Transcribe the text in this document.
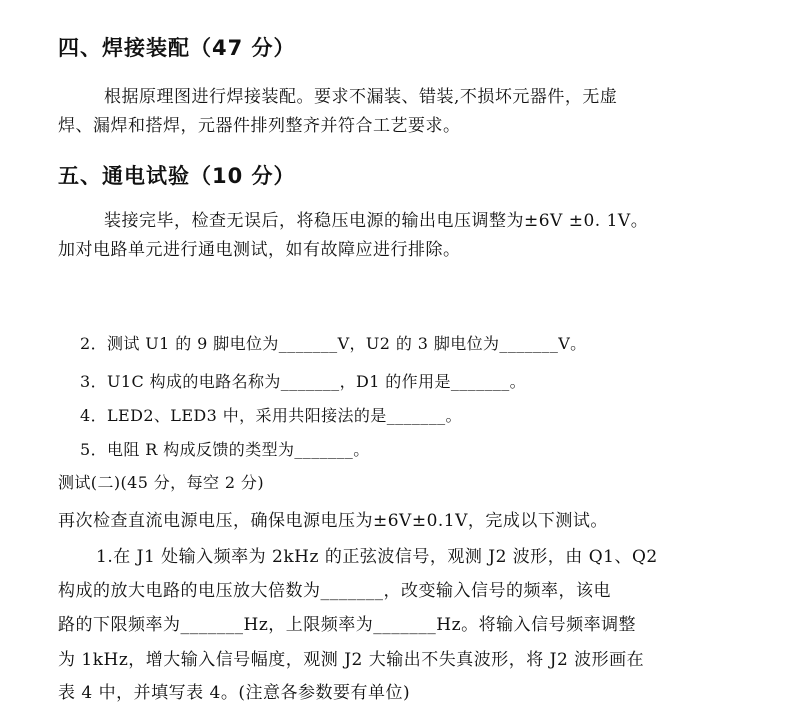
四、焊接装配（47 分）
根据原理图进行焊接装配。要求不漏装、错装,不损坏元器件，无虚
焊、漏焊和搭焊，元器件排列整齐并符合工艺要求。
五、通电试验（10 分）
装接完毕，检查无误后，将稳压电源的输出电压调整为±6V ±0. 1V。
加对电路单元进行通电测试，如有故障应进行排除。
2．测试 U1 的 9 脚电位为_______V，U2 的 3 脚电位为_______V。
3．U1C 构成的电路名称为_______，D1 的作用是_______。
4．LED2、LED3 中，采用共阳接法的是_______。
5．电阻 R 构成反馈的类型为_______。
测试(二)(45 分，每空 2 分)
再次检查直流电源电压，确保电源电压为±6V±0.1V，完成以下测试。
1.在 J1 处输入频率为 2kHz 的正弦波信号，观测 J2 波形，由 Q1、Q2
构成的放大电路的电压放大倍数为_______，改变输入信号的频率，该电
路的下限频率为_______Hz，上限频率为_______Hz。将输入信号频率调整
为 1kHz，增大输入信号幅度，观测 J2 大输出不失真波形，将 J2 波形画在
表 4 中，并填写表 4。(注意各参数要有单位)
